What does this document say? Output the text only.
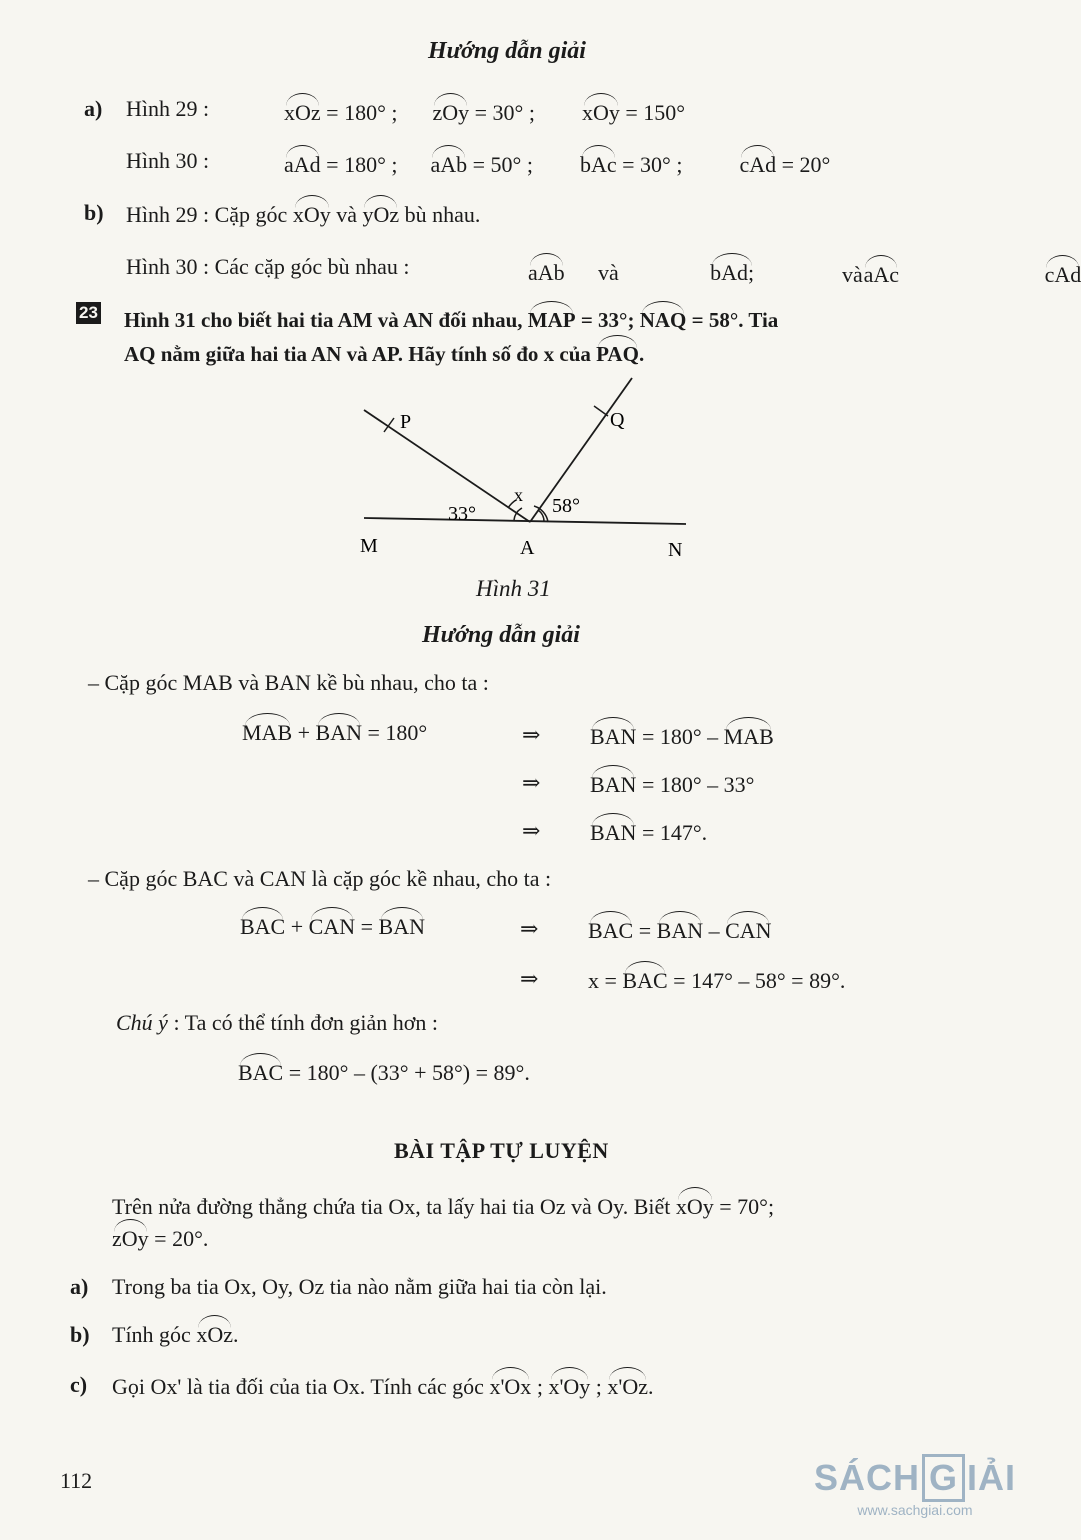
Hướng dẫn giải
a) Hình 29 :	xOz = 180° ; zOy = 30° ; xOy = 150°
Hình 30 :	aAd = 180° ; aAb = 50° ; bAc = 30° ;	cAd = 20°
b) Hình 29 : Cặp góc xOy và yOz bù nhau.
Hình 30 : Các cặp góc bù nhau :	aAb và	bAd;	aAc
và	cAd
23 Hình 31 cho biết hai tia AM và AN đối nhau, MAP = 33°; NAQ = 58°. Tia
AQ nằm giữa hai tia AN và AP. Hãy tính số đo x của PAQ.
P	Q
M	A	N
x
33°	58°
Hình 31
Hướng dẫn giải
– Cặp góc MAB và BAN kề bù nhau, cho ta :
MAB + BAN = 180°	⇒ BAN = 180° – MAB
⇒ BAN = 180° – 33°
⇒ BAN = 147°.
– Cặp góc BAC và CAN là cặp góc kề nhau, cho ta :
BAC + CAN = BAN	⇒ BAC = BAN – CAN
⇒ x = BAC = 147° – 58° = 89°.
Chú ý : Ta có thể tính đơn giản hơn :
BAC = 180° – (33° + 58°) = 89°.
BÀI TẬP TỰ LUYỆN
Trên nửa đường thẳng chứa tia Ox, ta lấy hai tia Oz và Oy. Biết xOy = 70°;
zOy = 20°.
a) Trong ba tia Ox, Oy, Oz tia nào nằm giữa hai tia còn lại.
b) Tính góc xOz.
c) Gọi Ox' là tia đối của tia Ox. Tính các góc x'Ox ; x'Oy ; x'Oz.
112	SÁCH G IẢI
www.sachgiai.com
